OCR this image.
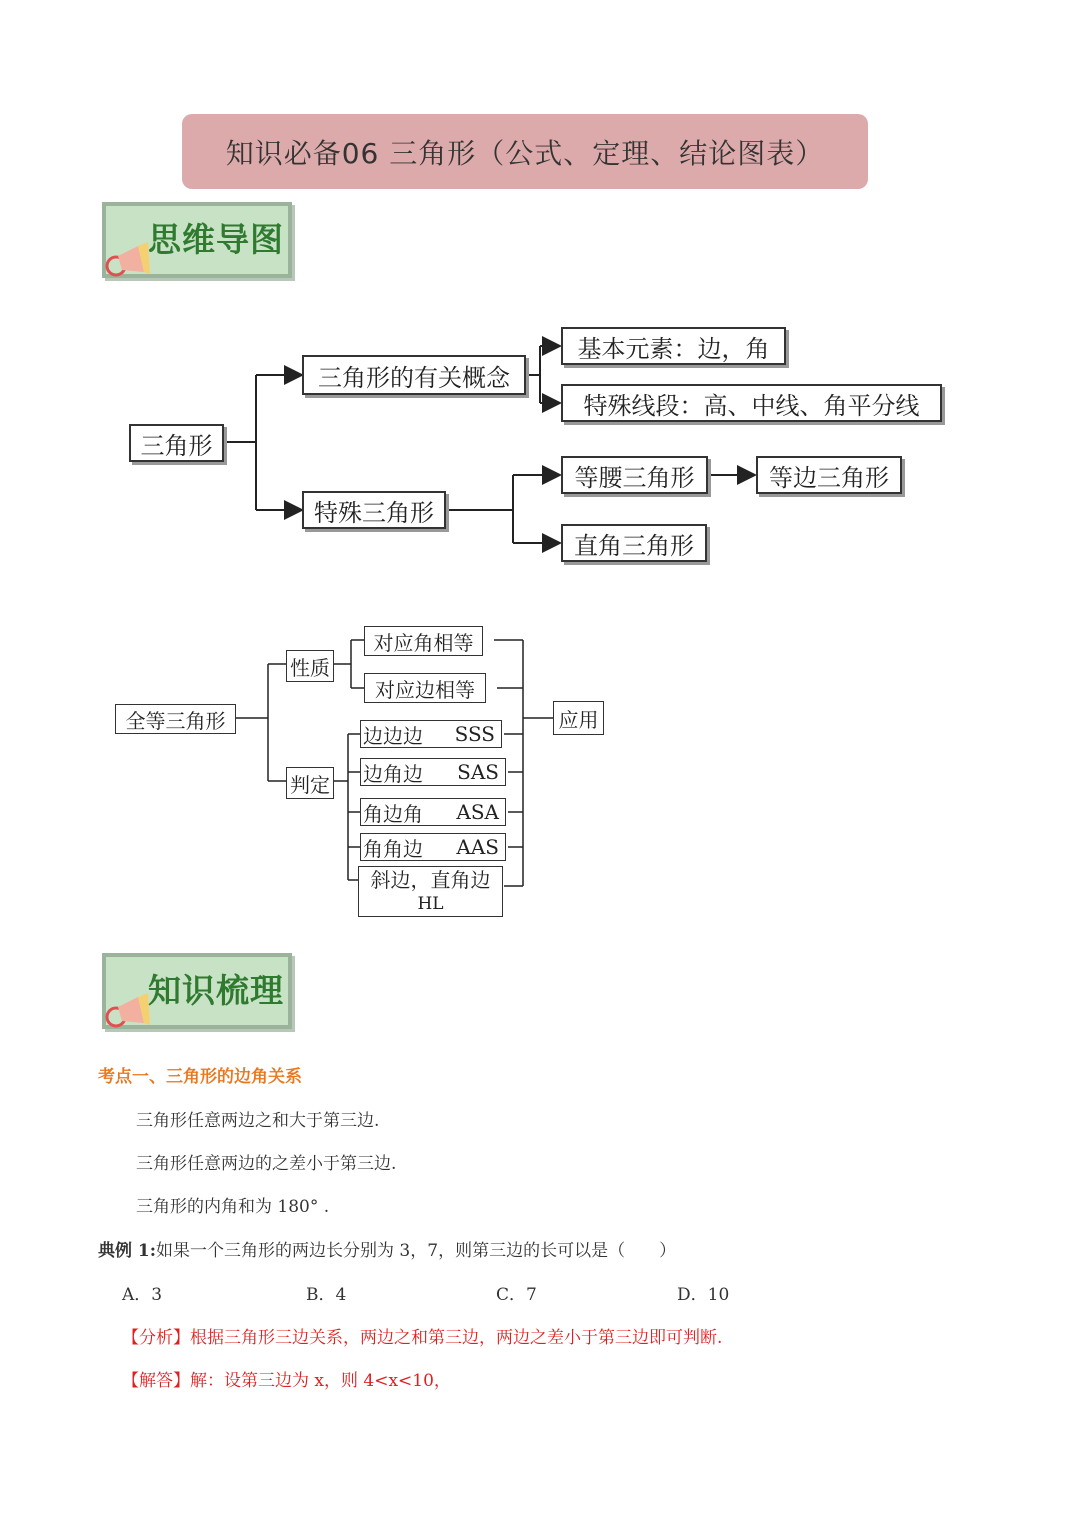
知识必备06 三角形（公式、定理、结论图表）
思维导图
三角形
三角形的有关概念
基本元素：边，角
特殊线段：高、中线、角平分线
特殊三角形
等腰三角形	等边三角形
直角三角形
全等三角形
性质
对应角相等
对应边相等
判定
边边边 SSS
边角边 SAS
角边角 ASA
角角边 AAS
斜边，直角边
HL
应用
知识梳理
考点一、三角形的边角关系
三角形任意两边之和大于第三边.
三角形任意两边的之差小于第三边.
三角形的内角和为 180° .
典例 1:如果一个三角形的两边长分别为 3，7，则第三边的长可以是（　　）
A．3	B．4	C．7	D．10
【分析】根据三角形三边关系，两边之和第三边，两边之差小于第三边即可判断.
【解答】解：设第三边为 x，则 4<x<10，
